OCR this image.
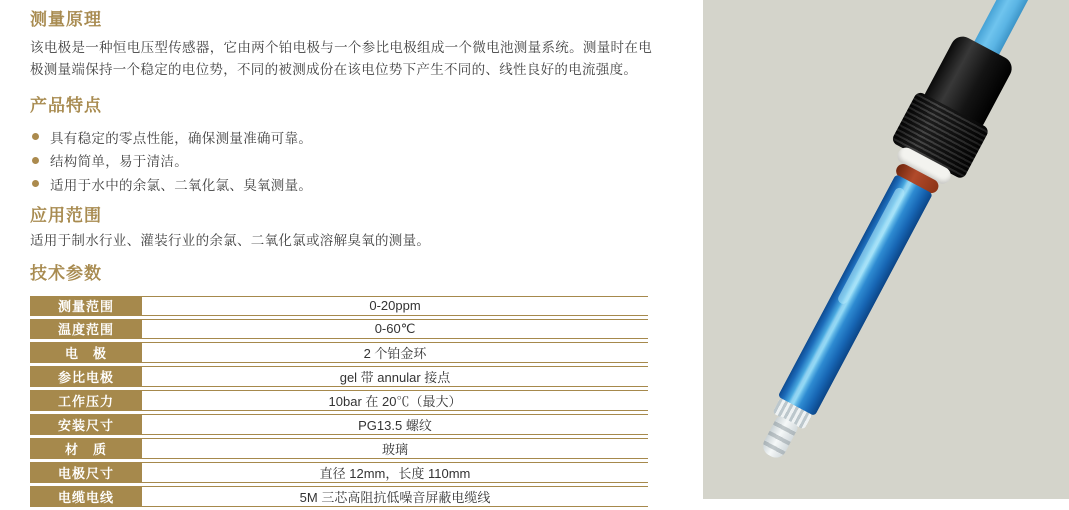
测量原理

该电极是一种恒电压型传感器，它由两个铂电极与一个参比电极组成一个微电池测量系统。测量时在电极测量端保持一个稳定的电位势，不同的被测成份在该电位势下产生不同的、线性良好的电流强度。

产品特点
具有稳定的零点性能，确保测量准确可靠。
结构简单，易于清洁。
适用于水中的余氯、二氧化氯、臭氧测量。
应用范围

适用于制水行业、灌装行业的余氯、二氧化氯或溶解臭氧的测量。

技术参数
测量范围	0-20ppm
温度范围	0-60℃
电　极	2 个铂金环
参比电极	gel 带 annular 接点
工作压力	10bar 在 20℃（最大）
安装尺寸	PG13.5 螺纹
材　质	玻璃
电极尺寸	直径 12mm，长度 110mm
电缆电线	5M 三芯高阻抗低噪音屏蔽电缆线
